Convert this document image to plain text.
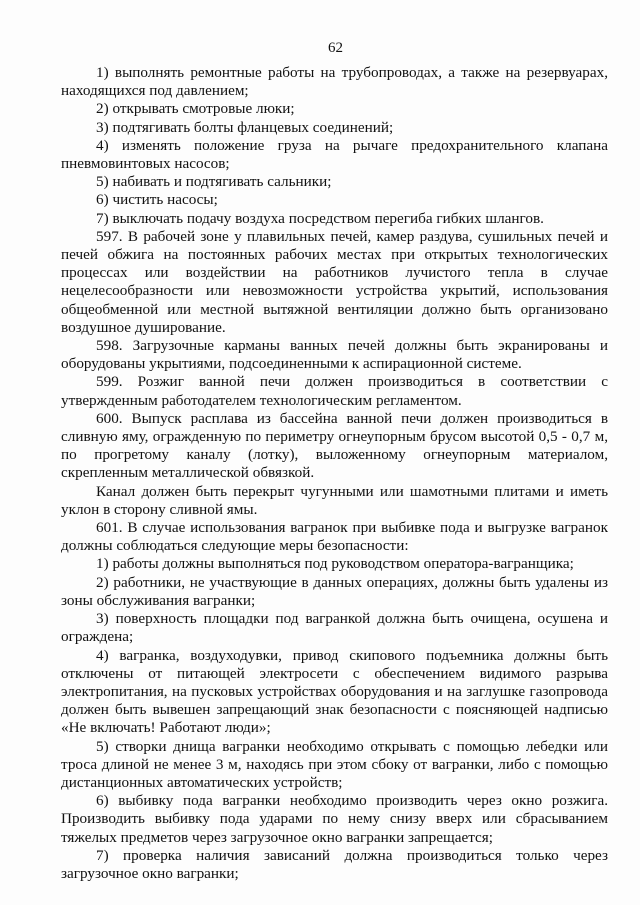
62

1) выполнять ремонтные работы на трубопроводах, а также на резервуарах, находящихся под давлением;

2) открывать смотровые люки;

3) подтягивать болты фланцевых соединений;

4) изменять положение груза на рычаге предохранительного клапана пневмовинтовых насосов;

5) набивать и подтягивать сальники;

6) чистить насосы;

7) выключать подачу воздуха посредством перегиба гибких шлангов.

597. В рабочей зоне у плавильных печей, камер раздува, сушильных печей и печей обжига на постоянных рабочих местах при открытых технологических процессах или воздействии на работников лучистого тепла в случае нецелесообразности или невозможности устройства укрытий, использования общеобменной или местной вытяжной вентиляции должно быть организовано воздушное душирование.

598. Загрузочные карманы ванных печей должны быть экранированы и оборудованы укрытиями, подсоединенными к аспирационной системе.

599. Розжиг ванной печи должен производиться в соответствии с утвержденным работодателем технологическим регламентом.

600. Выпуск расплава из бассейна ванной печи должен производиться в сливную яму, огражденную по периметру огнеупорным брусом высотой 0,5 - 0,7 м, по прогретому каналу (лотку), выложенному огнеупорным материалом, скрепленным металлической обвязкой.

Канал должен быть перекрыт чугунными или шамотными плитами и иметь уклон в сторону сливной ямы.

601. В случае использования вагранок при выбивке пода и выгрузке вагранок должны соблюдаться следующие меры безопасности:

1) работы должны выполняться под руководством оператора-вагранщика;

2) работники, не участвующие в данных операциях, должны быть удалены из зоны обслуживания вагранки;

3) поверхность площадки под вагранкой должна быть очищена, осушена и ограждена;

4) вагранка, воздуходувки, привод скипового подъемника должны быть отключены от питающей электросети с обеспечением видимого разрыва электропитания, на пусковых устройствах оборудования и на заглушке газопровода должен быть вывешен запрещающий знак безопасности с поясняющей надписью «Не включать! Работают люди»;

5) створки днища вагранки необходимо открывать с помощью лебедки или троса длиной не менее 3 м, находясь при этом сбоку от вагранки, либо с помощью дистанционных автоматических устройств;

6) выбивку пода вагранки необходимо производить через окно розжига. Производить выбивку пода ударами по нему снизу вверх или сбрасыванием тяжелых предметов через загрузочное окно вагранки запрещается;

7) проверка наличия зависаний должна производиться только через загрузочное окно вагранки;
